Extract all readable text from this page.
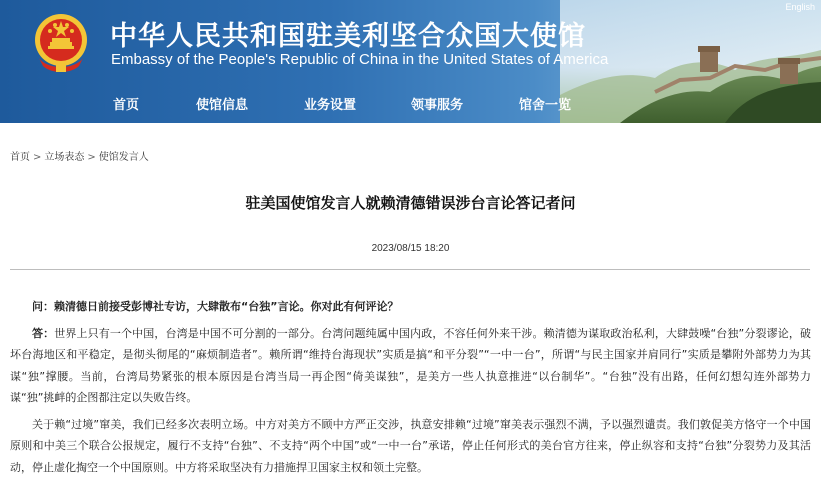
English
中华人民共和国驻美利坚合众国大使馆
Embassy of the People's Republic of China in the United States of America
首页	使馆信息	业务设置	领事服务	馆舍一览
首页 > 立场表态 > 使馆发言人
驻美国使馆发言人就赖清德错误涉台言论答记者问
2023/08/15 18:20

问：赖清德日前接受彭博社专访，大肆散布“台独”言论。你对此有何评论？

答：世界上只有一个中国，台湾是中国不可分割的一部分。台湾问题纯属中国内政，不容任何外来干涉。赖清德为谋取政治私利，大肆鼓噪“台独”分裂谬论，破坏台海地区和平稳定，是彻头彻尾的“麻烦制造者”。赖所谓“维持台海现状”实质是搞“和平分裂”“一中一台”，所谓“与民主国家并肩同行”实质是攀附外部势力为其谋“独”撑腰。当前，台湾局势紧张的根本原因是台湾当局一再企图“倚美谋独”，是美方一些人执意推进“以台制华”。“台独”没有出路，任何幻想勾连外部势力谋“独”挑衅的企图都注定以失败告终。

关于赖“过境”窜美，我们已经多次表明立场。中方对美方不顾中方严正交涉，执意安排赖“过境”窜美表示强烈不满，予以强烈谴责。我们敦促美方恪守一个中国原则和中美三个联合公报规定，履行不支持“台独”、不支持“两个中国”或“一中一台”承诺，停止任何形式的美台官方往来，停止纵容和支持“台独”分裂势力及其活动，停止虚化掏空一个中国原则。中方将采取坚决有力措施捍卫国家主权和领土完整。
